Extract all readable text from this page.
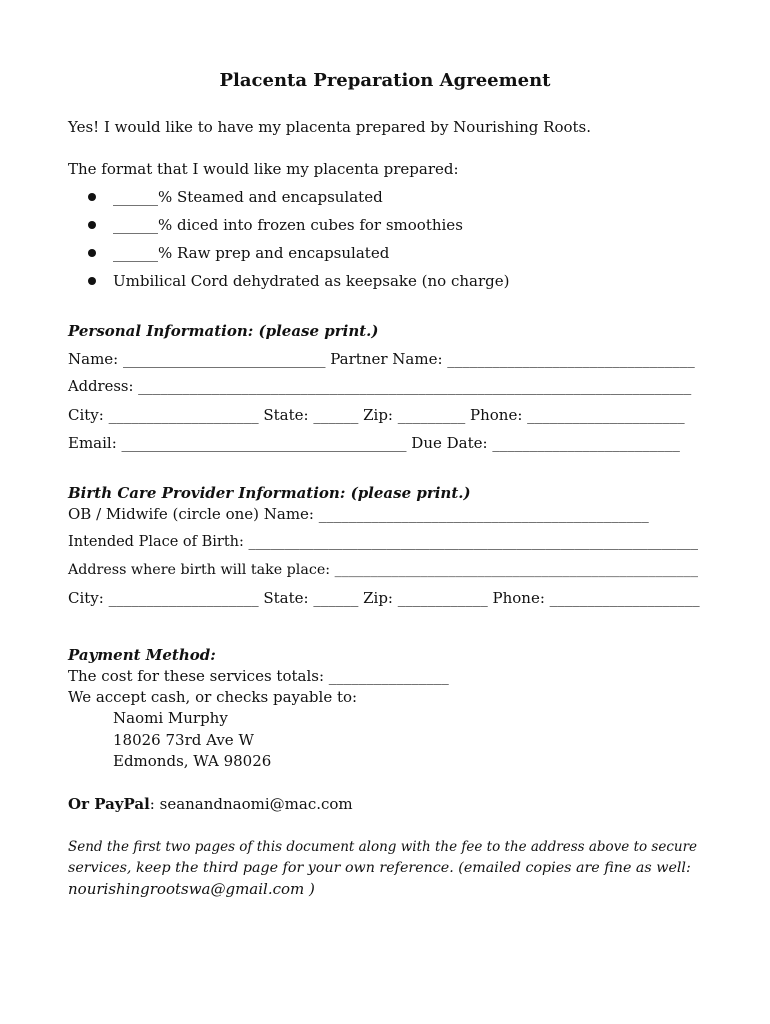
Placenta Preparation Agreement
Yes! I would like to have my placenta prepared by Nourishing Roots.
The format that I would like my placenta prepared:
______% Steamed and encapsulated
______% diced into frozen cubes for smoothies
______% Raw prep and encapsulated
Umbilical Cord dehydrated as keepsake (no charge)
Personal Information: (please print.)
Name: ___________________________ Partner Name: _________________________________
Address: ___________________________________________________________________________
City: ____________________ State: ______ Zip: _________ Phone: _____________________
Email: ______________________________________ Due Date: _________________________
Birth Care Provider Information: (please print.)
OB / Midwife (circle one) Name: ____________________________________________
Intended Place of Birth: ______________________________________________________________
Address where birth will take place: ___________________________________________________
City: ____________________ State: ______ Zip: ____________ Phone: ____________________
Payment Method:
The cost for these services totals: ________________
We accept cash, or checks payable to:
Naomi Murphy
18026 73rd Ave W
Edmonds, WA 98026
Or PayPal: seanandnaomi@mac.com
Send the first two pages of this document along with the fee to the address above to secure
services, keep the third page for your own reference. (emailed copies are fine as well:
nourishingrootswa@gmail.com )
